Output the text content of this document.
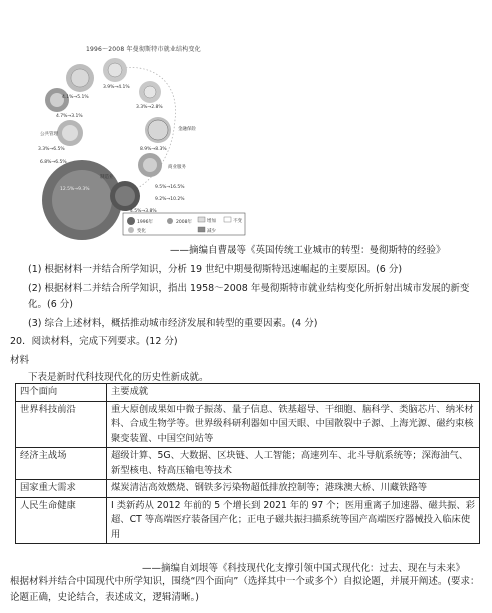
1996～2008 年曼彻斯特市就业结构变化
4.1%→5.1%
3.9%→4.1%
4.7%→3.1%
3.3%→2.8%
3.3%→6.5%	8.9%→8.3%
6.8%→6.5%
9.5%→16.5%
9.2%→10.2%
12.5%→9.3%
4.5%→3.8%
制造业
金融保险
公共管理
商业服务
1996年
变化
2008年	增加
减少
不变
——摘编自曹晟等《英国传统工业城市的转型：曼彻斯特的经验》
(1) 根据材料一并结合所学知识，分析 19 世纪中期曼彻斯特迅速崛起的主要原因。(6 分)
(2) 根据材料二并结合所学知识，指出 1958～2008 年曼彻斯特市就业结构变化所折射出城市发展的新变化。(6 分)
(3) 综合上述材料，概括推动城市经济发展和转型的重要因素。(4 分)
20．阅读材料，完成下列要求。(12 分)
材料
下表是新时代科技现代化的历史性新成就。
四个面向	主要成就
世界科技前沿	重大原创成果如中微子振荡、量子信息、铁基超导、干细胞、脑科学、类脑芯片、纳米材料、合成生物学等。世界级科研利器如中国天眼、中国散裂中子源、上海光源、磁约束核聚变装置、中国空间站等
经济主战场	超级计算、5G、大数据、区块链、人工智能；高速列车、北斗导航系统等；深海油气、新型核电、特高压输电等技术
国家重大需求	煤炭清洁高效燃烧、钢铁多污染物超低排放控制等；港珠澳大桥、川藏铁路等
人民生命健康	I 类新药从 2012 年前的 5 个增长到 2021 年的 97 个；医用重离子加速器、磁共振、彩超、CT 等高端医疗装备国产化；正电子磁共振扫描系统等国产高端医疗器械投入临床使用
——摘编自刘垠等《科技现代化支撑引领中国式现代化：过去、现在与未来》
根据材料并结合中国现代中所学知识，围绕“四个面向”（选择其中一个或多个）自拟论题，并展开阐述。(要求：论题正确，史论结合，表述成文，逻辑清晰。)
